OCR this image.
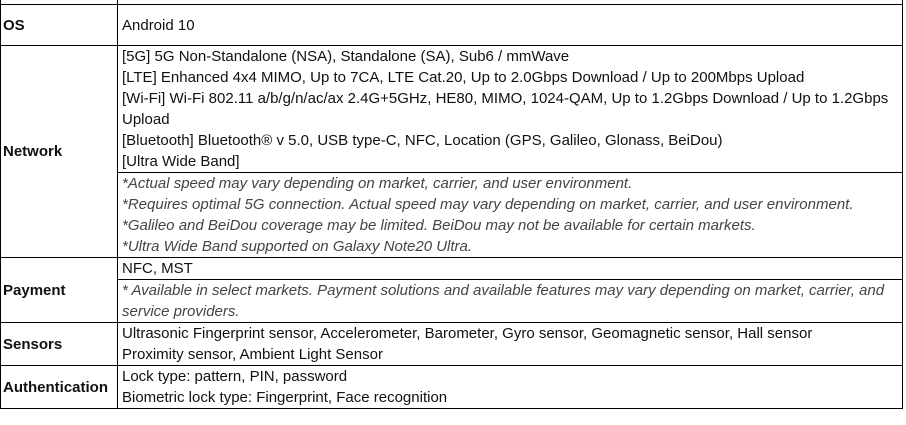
OS	Android 10
Network	[5G] 5G Non-Standalone (NSA), Standalone (SA), Sub6 / mmWave
[LTE] Enhanced 4x4 MIMO, Up to 7CA, LTE Cat.20, Up to 2.0Gbps Download / Up to 200Mbps Upload
[Wi-Fi] Wi-Fi 802.11 a/b/g/n/ac/ax 2.4G+5GHz, HE80, MIMO, 1024-QAM, Up to 1.2Gbps Download / Up to 1.2Gbps Upload
[Bluetooth] Bluetooth® v 5.0, USB type-C, NFC, Location (GPS, Galileo, Glonass, BeiDou)
[Ultra Wide Band]

	*Actual speed may vary depending on market, carrier, and user environment.
*Requires optimal 5G connection. Actual speed may vary depending on market, carrier, and user environment.
*Galileo and BeiDou coverage may be limited. BeiDou may not be available for certain markets.
*Ultra Wide Band supported on Galaxy Note20 Ultra.

Payment	NFC, MST

	* Available in select markets. Payment solutions and available features may vary depending on market, carrier, and service providers.

Sensors	Ultrasonic Fingerprint sensor, Accelerometer, Barometer, Gyro sensor, Geomagnetic sensor, Hall sensor
Proximity sensor, Ambient Light Sensor

Authentication	Lock type: pattern, PIN, password
Biometric lock type: Fingerprint, Face recognition
